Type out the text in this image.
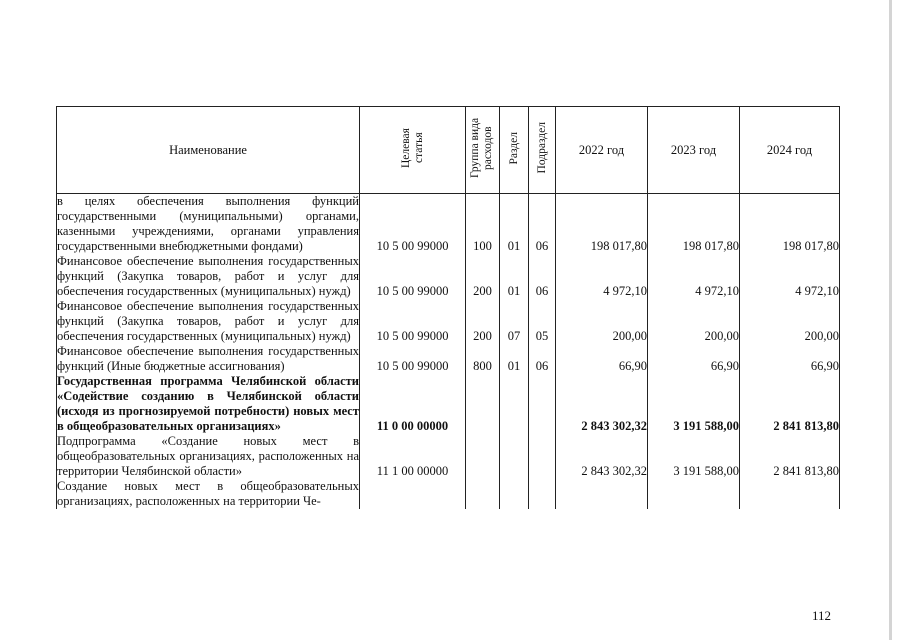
Наименование	Целевая статья	Группа вида расходов	Раздел	Подраздел	2022 год	2023 год	2024 год
в целях обеспечения выполнения функций государственными (муниципальными) органами, казенными учреждениями, органами управления государственными внебюджетными фондами)	10 5 00 99000	100	01	06	198 017,80	198 017,80	198 017,80
Финансовое обеспечение выполнения государственных функций (Закупка товаров, работ и услуг для обеспечения государственных (муниципальных) нужд)	10 5 00 99000	200	01	06	4 972,10	4 972,10	4 972,10
Финансовое обеспечение выполнения государственных функций (Закупка товаров, работ и услуг для обеспечения государственных (муниципальных) нужд)	10 5 00 99000	200	07	05	200,00	200,00	200,00
Финансовое обеспечение выполнения государственных функций (Иные бюджетные ассигнования)	10 5 00 99000	800	01	06	66,90	66,90	66,90
Государственная программа Челябинской области «Содействие созданию в Челябинской области (исходя из прогнозируемой потребности) новых мест в общеобразовательных организациях»	11 0 00 00000				2 843 302,32	3 191 588,00	2 841 813,80
Подпрограмма «Создание новых мест в общеобразовательных организациях, расположенных на территории Челябинской области»	11 1 00 00000				2 843 302,32	3 191 588,00	2 841 813,80
Создание новых мест в общеобразовательных организациях, расположенных на территории Че-							
112
